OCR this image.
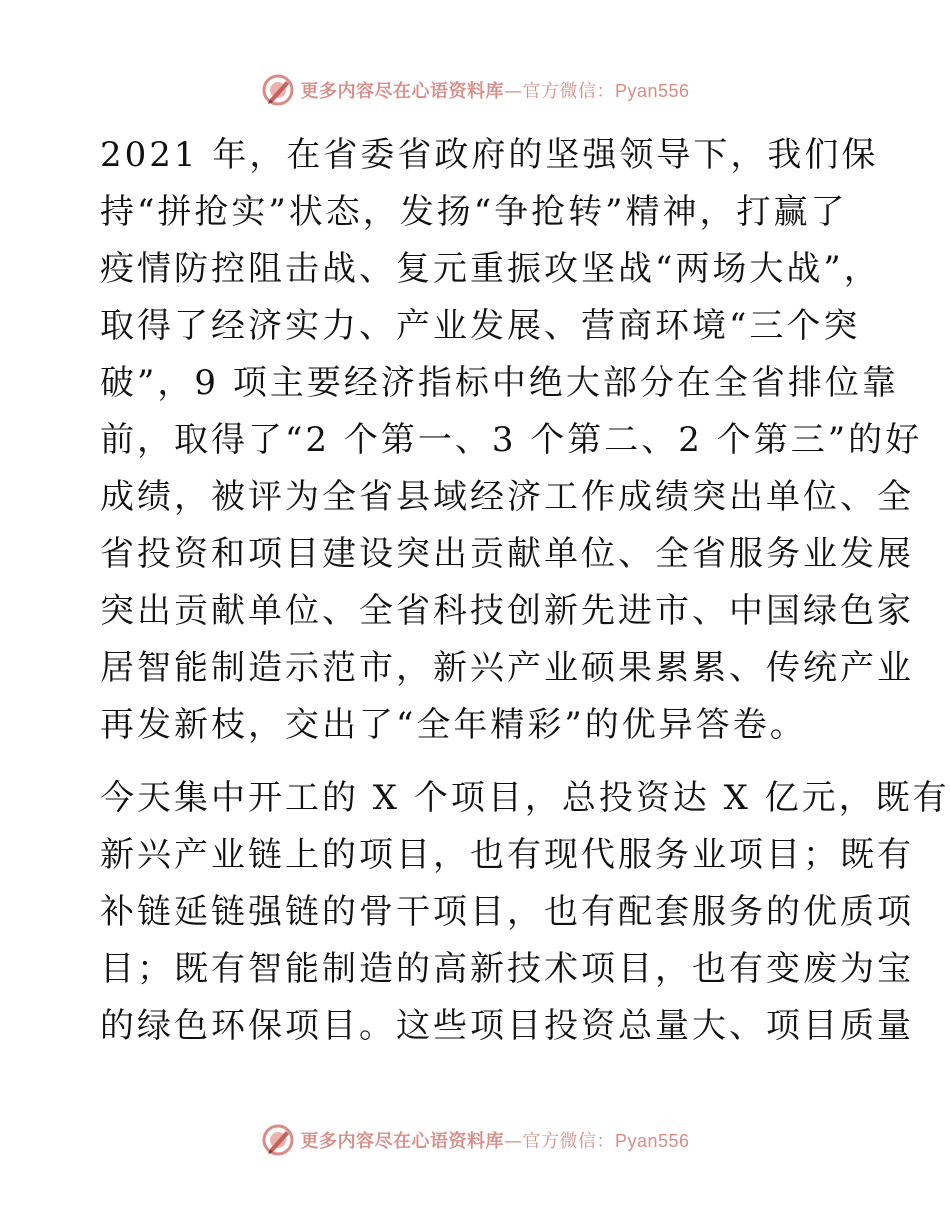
更多内容尽在心语资料库—官方微信：Pyan556

2021 年，在省委省政府的坚强领导下，我们保
持“拼抢实”状态，发扬“争抢转”精神，打赢了
疫情防控阻击战、复元重振攻坚战“两场大战”，
取得了经济实力、产业发展、营商环境“三个突
破”，9 项主要经济指标中绝大部分在全省排位靠
前，取得了“2 个第一、3 个第二、2 个第三”的好
成绩，被评为全省县域经济工作成绩突出单位、全
省投资和项目建设突出贡献单位、全省服务业发展
突出贡献单位、全省科技创新先进市、中国绿色家
居智能制造示范市，新兴产业硕果累累、传统产业
再发新枝，交出了“全年精彩”的优异答卷。

今天集中开工的 X 个项目，总投资达 X 亿元，既有
新兴产业链上的项目，也有现代服务业项目；既有
补链延链强链的骨干项目，也有配套服务的优质项
目；既有智能制造的高新技术项目，也有变废为宝
的绿色环保项目。这些项目投资总量大、项目质量

更多内容尽在心语资料库—官方微信：Pyan556
